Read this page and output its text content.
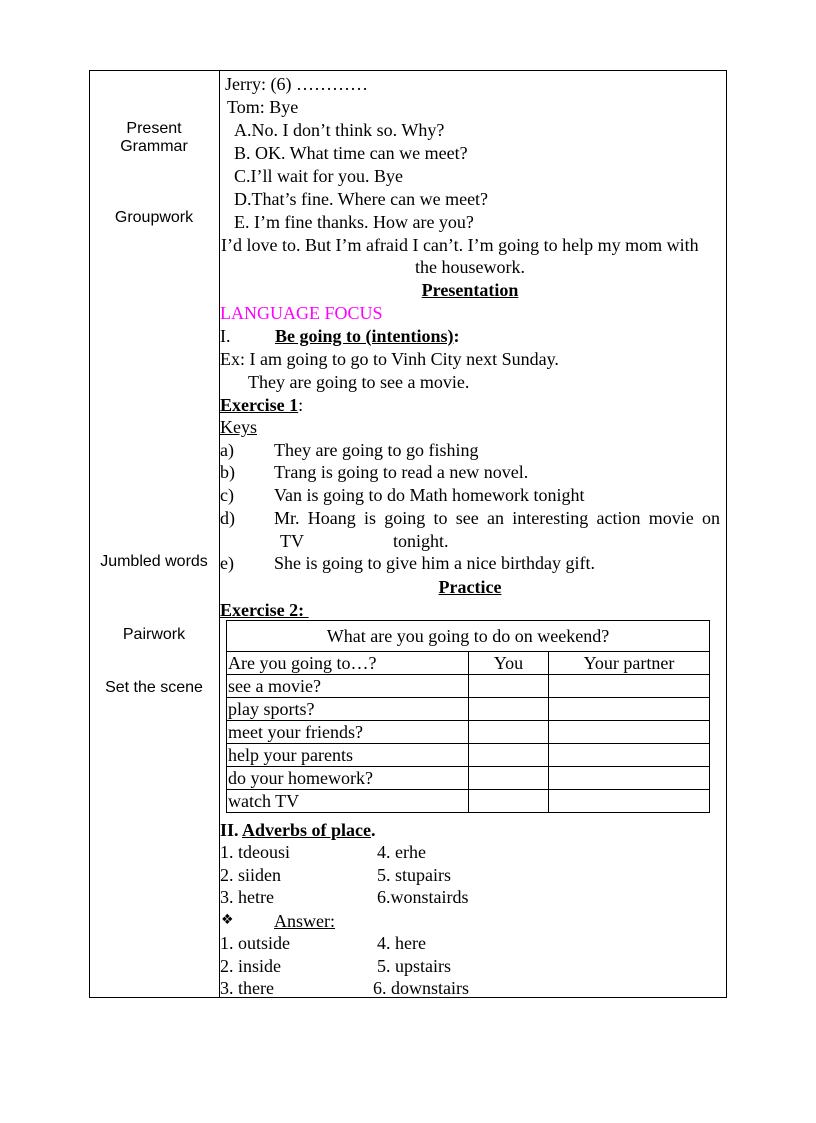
Present
Grammar
Groupwork
Jumbled words
Pairwork
Set the scene
Jerry: (6) …………
Tom: Bye
A.No. I don’t think so. Why?
B. OK. What time can we meet?
C.I’ll wait for you. Bye
D.That’s fine. Where can we meet?
E. I’m fine thanks. How are you?
I’d love to. But I’m afraid I can’t. I’m going to help my mom with
the housework.
Presentation
LANGUAGE FOCUS
I. Be going to (intentions):
Ex: I am going to go to Vinh City next Sunday.
They are going to see a movie.
Exercise 1:
Keys
a) They are going to go fishing
b) Trang is going to read a new novel.
c) Van is going to do Math homework tonight
d) Mr. Hoang is going to see an interesting action movie on
TV	tonight.
e) She is going to give him a nice birthday gift.
Practice
Exercise 2:
What are you going to do on weekend?		
Are you going to…?	You	Your partner
see a movie?		
play sports?		
meet your friends?		
help your parents		
do your homework?		
watch TV		
II. Adverbs of place.
1. tdeousi	4. erhe
2. siiden	5. stupairs
3. hetre	6.wonstairds
❖ Answer:
1. outside	4. here
2. inside	5. upstairs
3. there	6. downstairs
